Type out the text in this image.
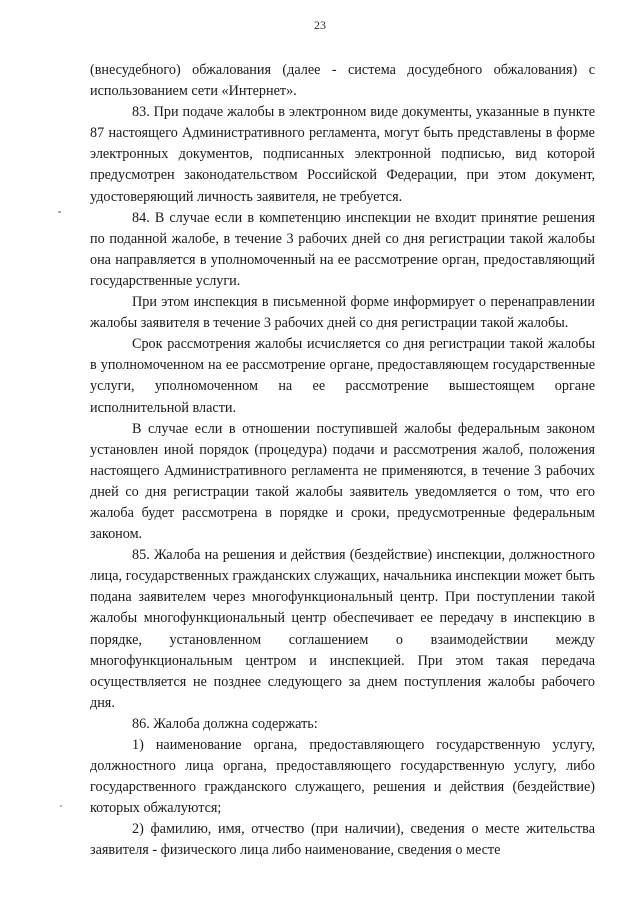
23

(внесудебного) обжалования (далее - система досудебного обжалования) с использованием сети «Интернет».

83. При подаче жалобы в электронном виде документы, указанные в пункте 87 настоящего Административного регламента, могут быть представлены в форме электронных документов, подписанных электронной подписью, вид которой предусмотрен законодательством Российской Федерации, при этом документ, удостоверяющий личность заявителя, не требуется.

84. В случае если в компетенцию инспекции не входит принятие решения по поданной жалобе, в течение 3 рабочих дней со дня регистрации такой жалобы она направляется в уполномоченный на ее рассмотрение орган, предоставляющий государственные услуги.

При этом инспекция в письменной форме информирует о перенаправлении жалобы заявителя в течение 3 рабочих дней со дня регистрации такой жалобы.

Срок рассмотрения жалобы исчисляется со дня регистрации такой жалобы в уполномоченном на ее рассмотрение органе, предоставляющем государственные услуги, уполномоченном на ее рассмотрение вышестоящем органе исполнительной власти.

В случае если в отношении поступившей жалобы федеральным законом установлен иной порядок (процедура) подачи и рассмотрения жалоб, положения настоящего Административного регламента не применяются, в течение 3 рабочих дней со дня регистрации такой жалобы заявитель уведомляется о том, что его жалоба будет рассмотрена в порядке и сроки, предусмотренные федеральным законом.

85. Жалоба на решения и действия (бездействие) инспекции, должностного лица, государственных гражданских служащих, начальника инспекции может быть подана заявителем через многофункциональный центр. При поступлении такой жалобы многофункциональный центр обеспечивает ее передачу в инспекцию в порядке, установленном соглашением о взаимодействии между многофункциональным центром и инспекцией. При этом такая передача осуществляется не позднее следующего за днем поступления жалобы рабочего дня.

86. Жалоба должна содержать:

1) наименование органа, предоставляющего государственную услугу, должностного лица органа, предоставляющего государственную услугу, либо государственного гражданского служащего, решения и действия (бездействие) которых обжалуются;

2) фамилию, имя, отчество (при наличии), сведения о месте жительства заявителя - физического лица либо наименование, сведения о месте
